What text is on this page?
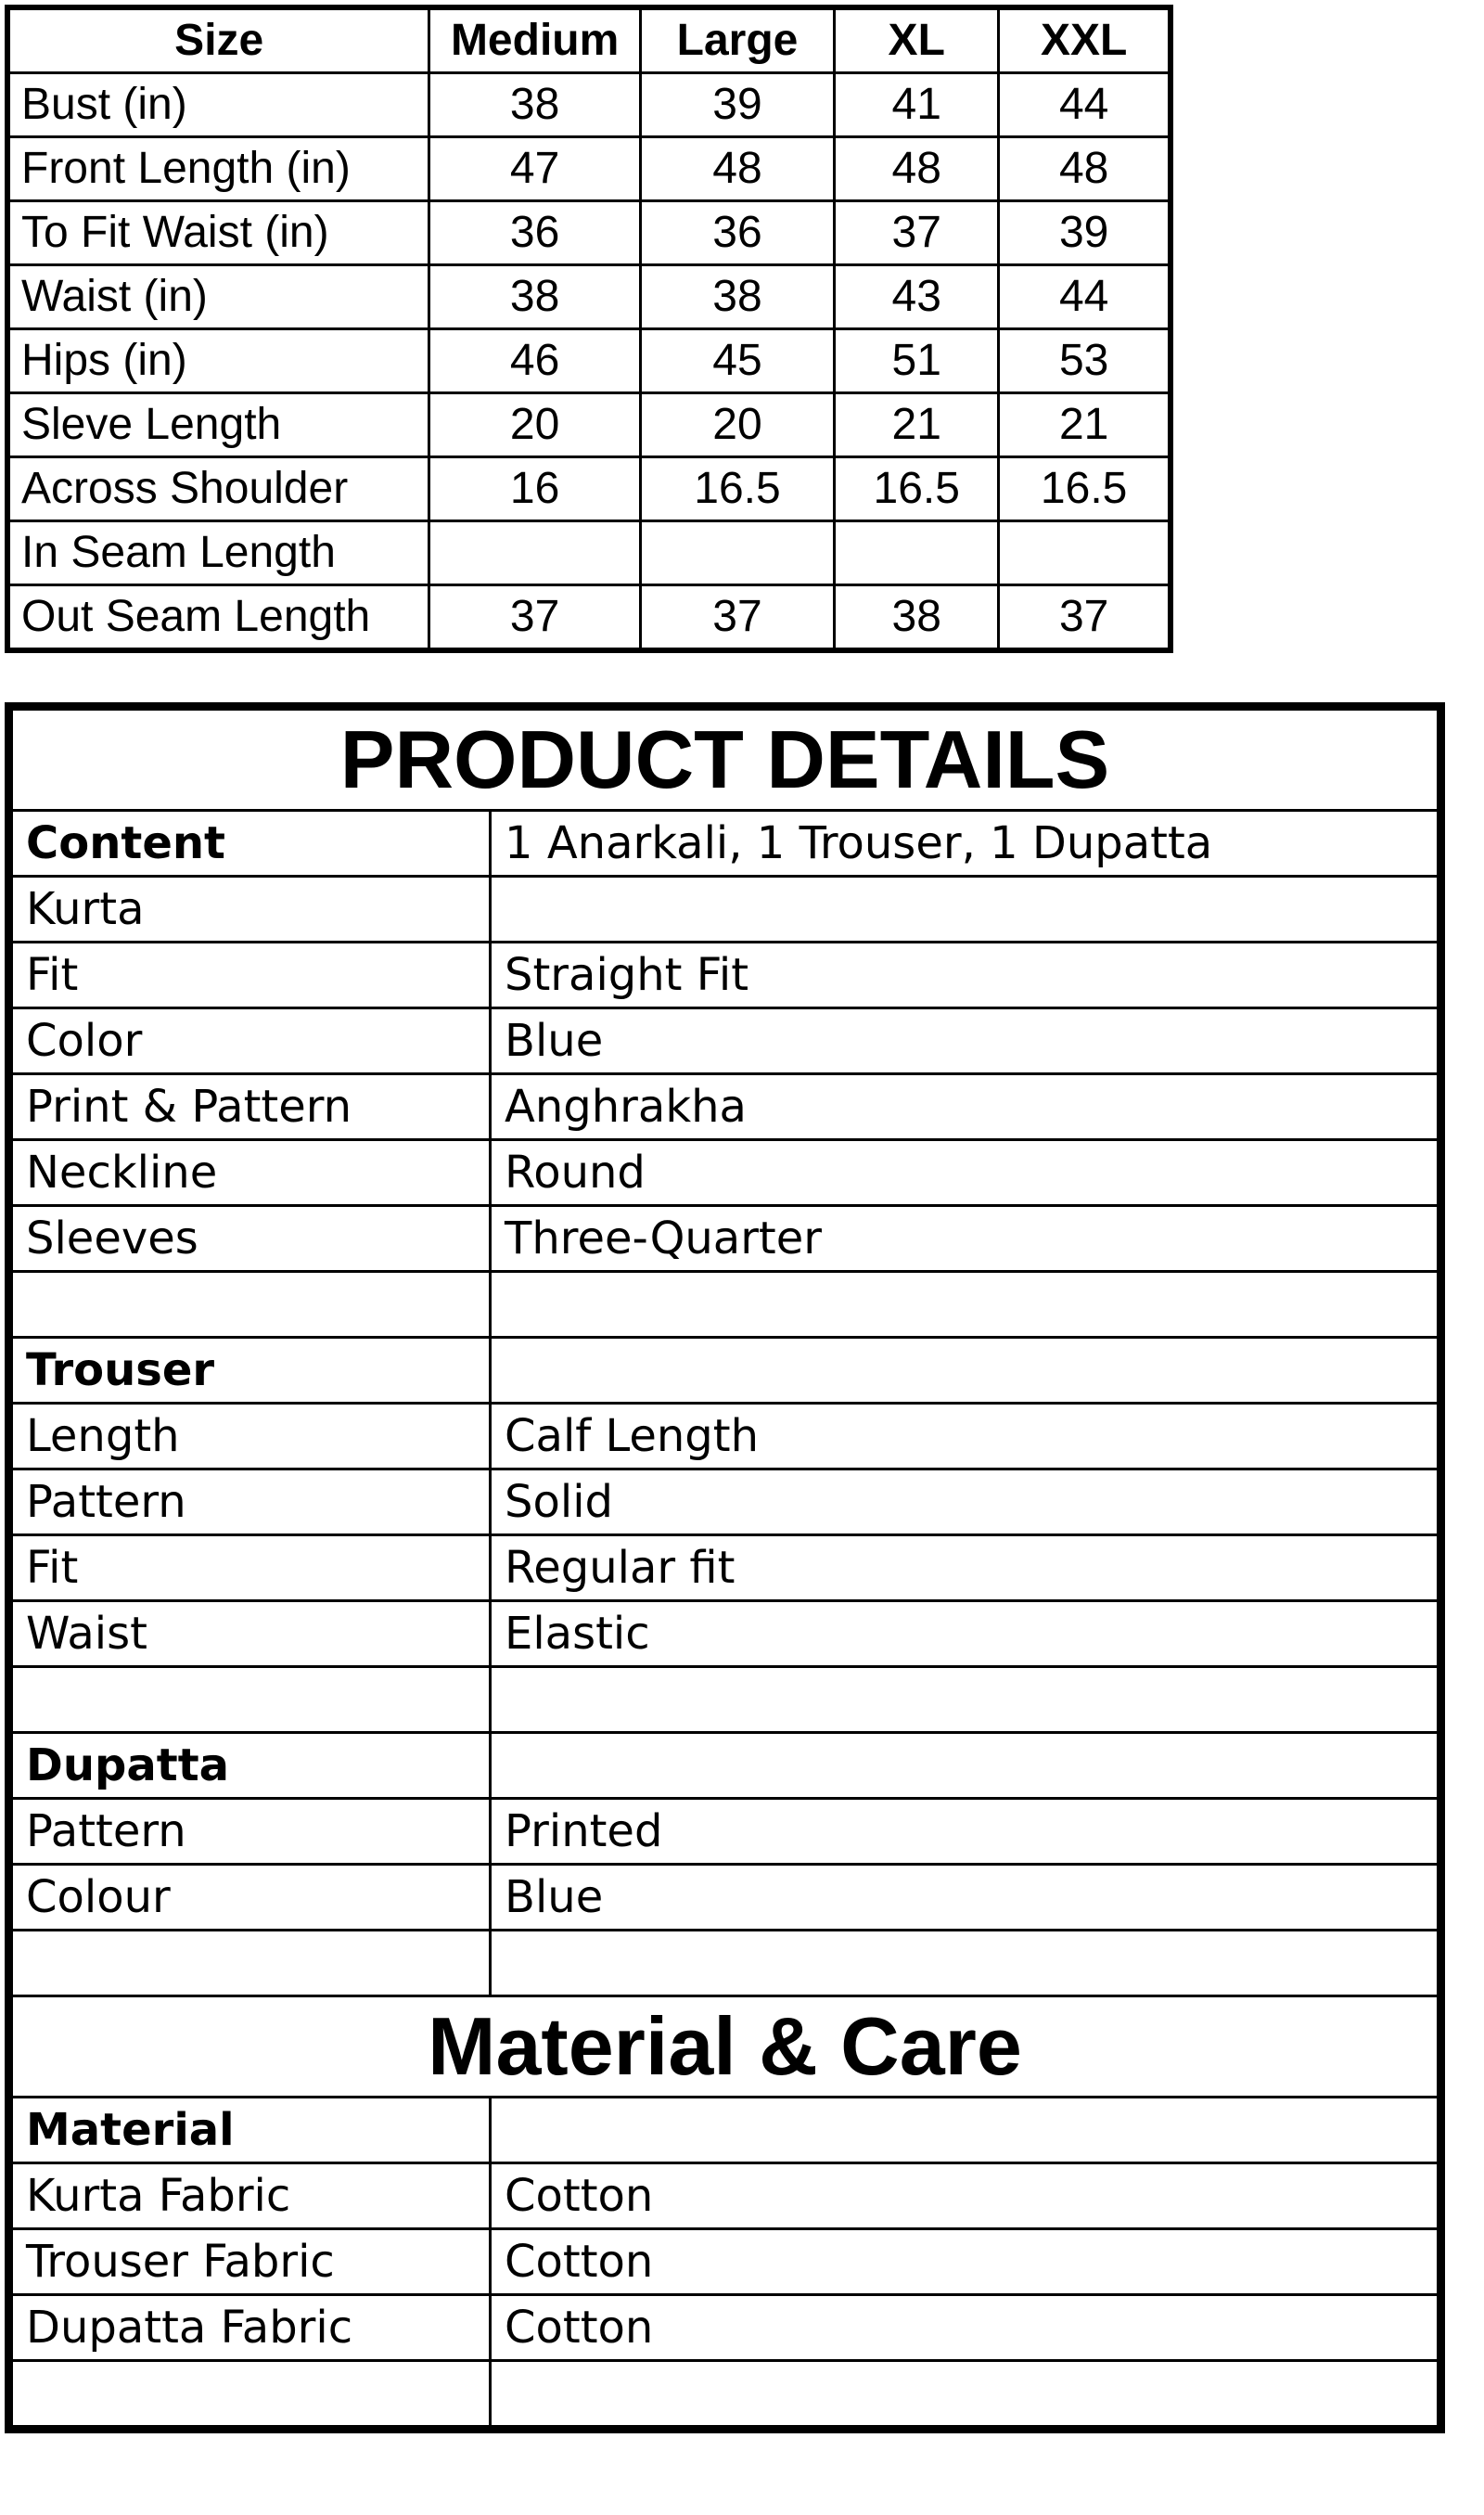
Size	Medium	Large	XL	XXL
Bust (in)	38	39	41	44
Front Length (in)	47	48	48	48
To Fit Waist (in)	36	36	37	39
Waist (in)	38	38	43	44
Hips (in)	46	45	51	53
Sleve Length	20	20	21	21
Across Shoulder	16	16.5	16.5	16.5
In Seam Length				
Out Seam Length	37	37	38	37
PRODUCT DETAILS	
Content	1 Anarkali, 1 Trouser, 1 Dupatta
Kurta	
Fit	Straight Fit
Color	Blue
Print & Pattern	Anghrakha
Neckline	Round
Sleeves	Three-Quarter

Trouser	
Length	Calf Length
Pattern	Solid
Fit	Regular fit
Waist	Elastic

Dupatta	
Pattern	Printed
Colour	Blue

Material & Care	
Material	
Kurta Fabric	Cotton
Trouser Fabric	Cotton
Dupatta Fabric	Cotton
